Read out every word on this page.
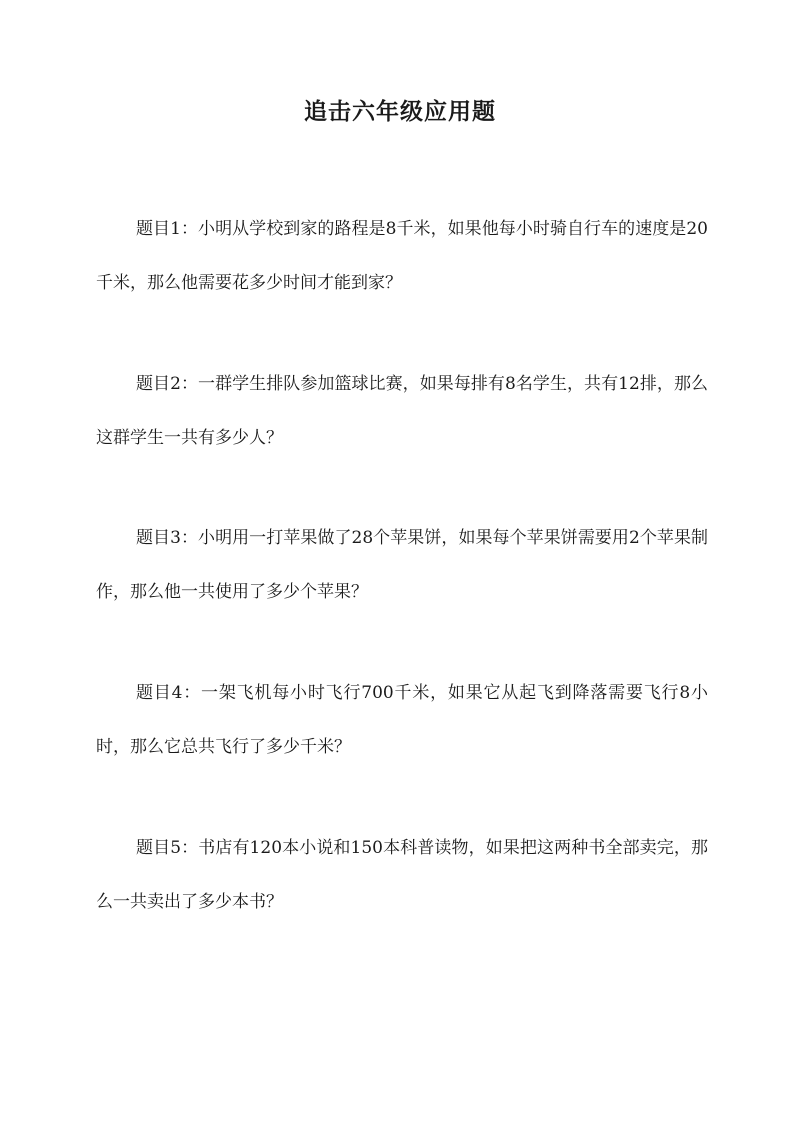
追击六年级应用题

题目1：小明从学校到家的路程是8千米，如果他每小时骑自行车的速度是20千米，那么他需要花多少时间才能到家？

题目2：一群学生排队参加篮球比赛，如果每排有8名学生，共有12排，那么这群学生一共有多少人？

题目3：小明用一打苹果做了28个苹果饼，如果每个苹果饼需要用2个苹果制作，那么他一共使用了多少个苹果？

题目4：一架飞机每小时飞行700千米，如果它从起飞到降落需要飞行8小时，那么它总共飞行了多少千米？

题目5：书店有120本小说和150本科普读物，如果把这两种书全部卖完，那么一共卖出了多少本书？
